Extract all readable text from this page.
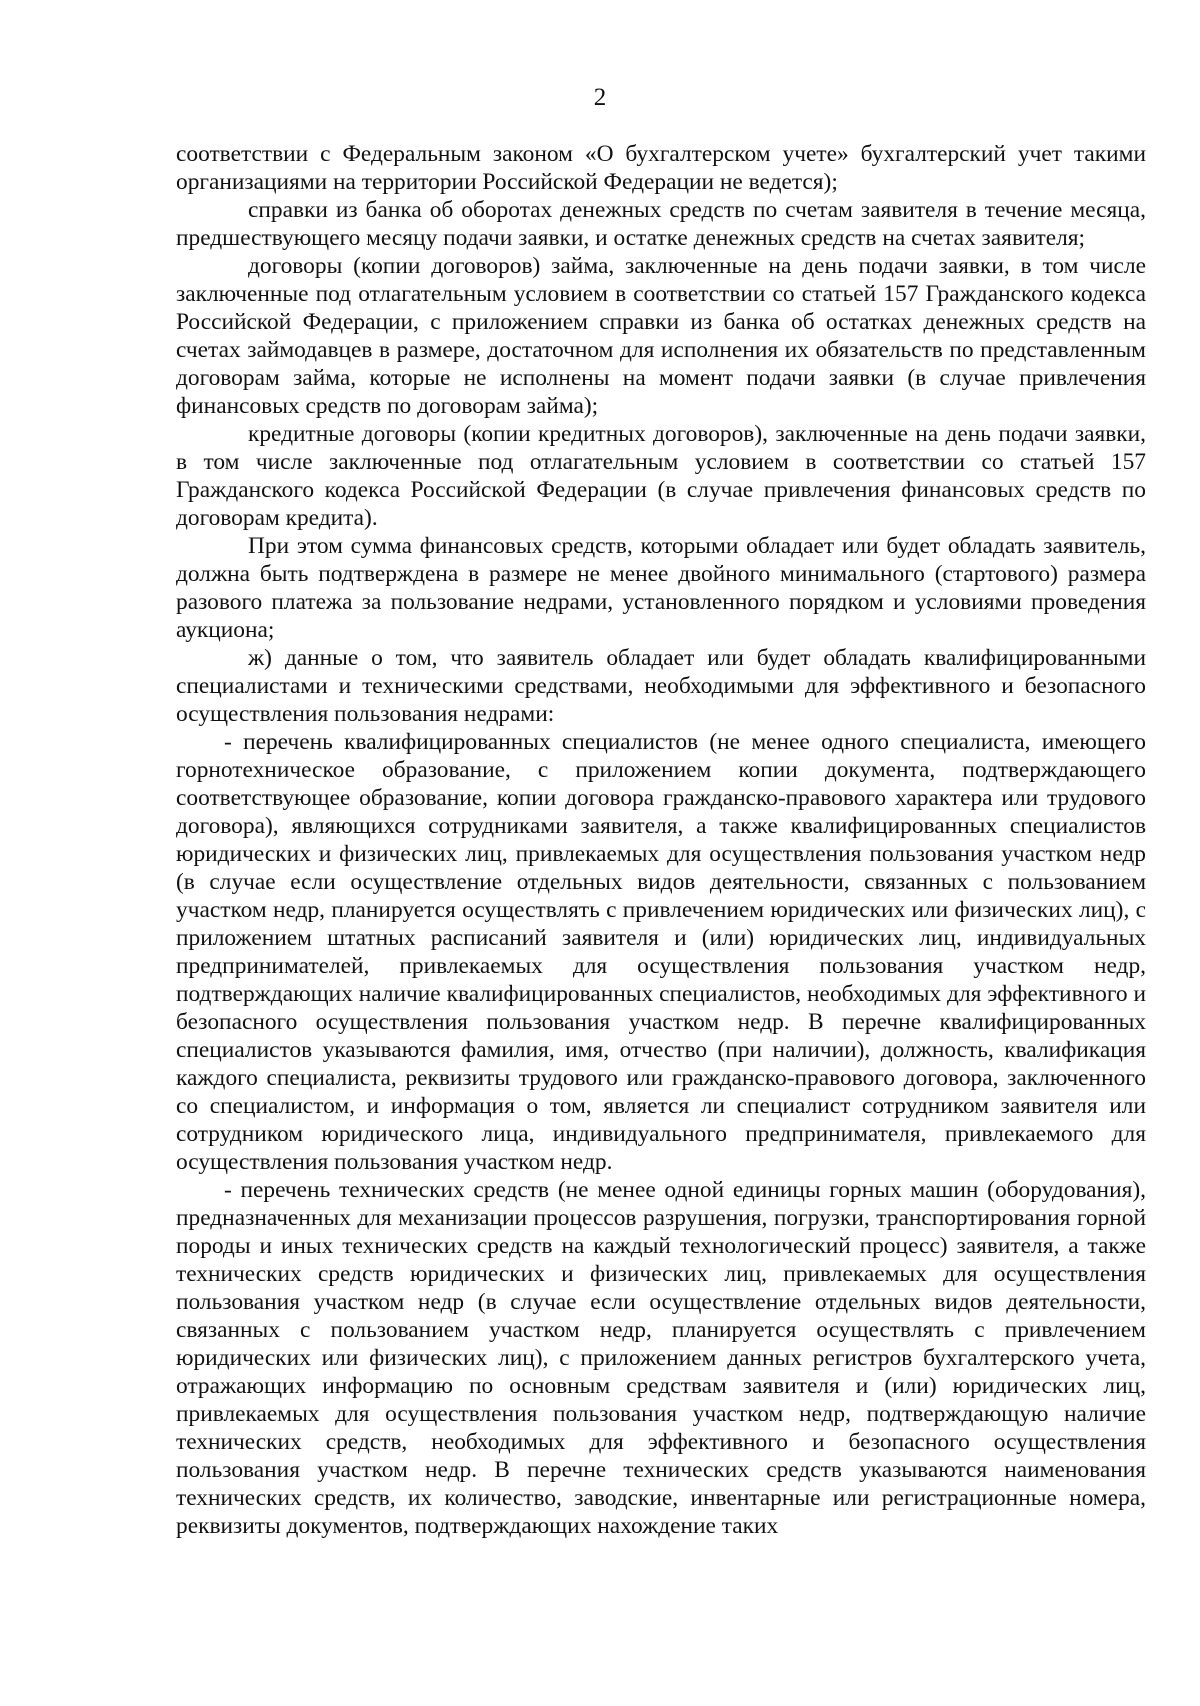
2

соответствии с Федеральным законом «О бухгалтерском учете» бухгалтерский учет такими организациями на территории Российской Федерации не ведется);

справки из банка об оборотах денежных средств по счетам заявителя в течение месяца, предшествующего месяцу подачи заявки, и остатке денежных средств на счетах заявителя;

договоры (копии договоров) займа, заключенные на день подачи заявки, в том числе заключенные под отлагательным условием в соответствии со статьей 157 Гражданского кодекса Российской Федерации, с приложением справки из банка об остатках денежных средств на счетах займодавцев в размере, достаточном для исполнения их обязательств по представленным договорам займа, которые не исполнены на момент подачи заявки (в случае привлечения финансовых средств по договорам займа);

кредитные договоры (копии кредитных договоров), заключенные на день подачи заявки, в том числе заключенные под отлагательным условием в соответствии со статьей 157 Гражданского кодекса Российской Федерации (в случае привлечения финансовых средств по договорам кредита).

При этом сумма финансовых средств, которыми обладает или будет обладать заявитель, должна быть подтверждена в размере не менее двойного минимального (стартового) размера разового платежа за пользование недрами, установленного порядком и условиями проведения аукциона;

ж) данные о том, что заявитель обладает или будет обладать квалифицированными специалистами и техническими средствами, необходимыми для эффективного и безопасного осуществления пользования недрами:

- перечень квалифицированных специалистов (не менее одного специалиста, имеющего горнотехническое образование, с приложением копии документа, подтверждающего соответствующее образование, копии договора гражданско-правового характера или трудового договора), являющихся сотрудниками заявителя, а также квалифицированных специалистов юридических и физических лиц, привлекаемых для осуществления пользования участком недр (в случае если осуществление отдельных видов деятельности, связанных с пользованием участком недр, планируется осуществлять с привлечением юридических или физических лиц), с приложением штатных расписаний заявителя и (или) юридических лиц, индивидуальных предпринимателей, привлекаемых для осуществления пользования участком недр, подтверждающих наличие квалифицированных специалистов, необходимых для эффективного и безопасного осуществления пользования участком недр. В перечне квалифицированных специалистов указываются фамилия, имя, отчество (при наличии), должность, квалификация каждого специалиста, реквизиты трудового или гражданско-правового договора, заключенного со специалистом, и информация о том, является ли специалист сотрудником заявителя или сотрудником юридического лица, индивидуального предпринимателя, привлекаемого для осуществления пользования участком недр.

- перечень технических средств (не менее одной единицы горных машин (оборудования), предназначенных для механизации процессов разрушения, погрузки, транспортирования горной породы и иных технических средств на каждый технологический процесс) заявителя, а также технических средств юридических и физических лиц, привлекаемых для осуществления пользования участком недр (в случае если осуществление отдельных видов деятельности, связанных с пользованием участком недр, планируется осуществлять с привлечением юридических или физических лиц), с приложением данных регистров бухгалтерского учета, отражающих информацию по основным средствам заявителя и (или) юридических лиц, привлекаемых для осуществления пользования участком недр, подтверждающую наличие технических средств, необходимых для эффективного и безопасного осуществления пользования участком недр. В перечне технических средств указываются наименования технических средств, их количество, заводские, инвентарные или регистрационные номера, реквизиты документов, подтверждающих нахождение таких
